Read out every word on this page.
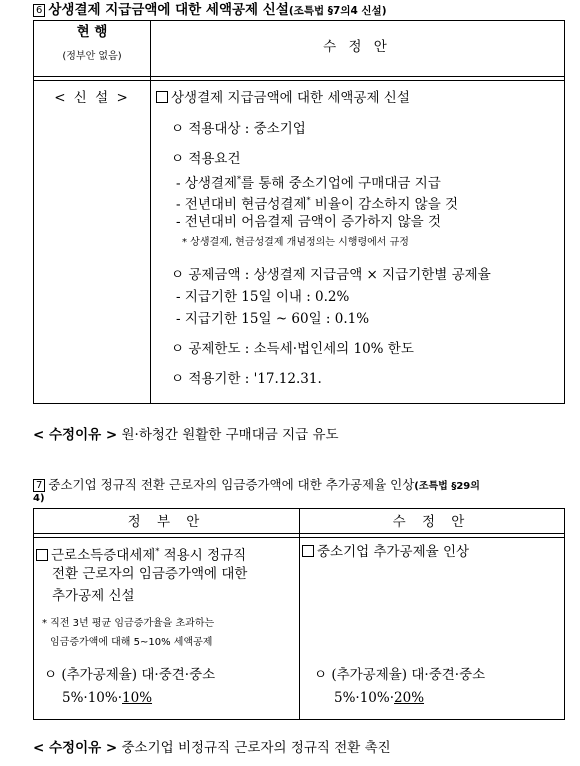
6 상생결제 지급금액에 대한 세액공제 신설(조특법 §7의4 신설)
현 행
(정부안 없음)
수 정 안
< 신 설 >	상생결제 지급금액에 대한 세액공제 신설
ㅇ 적용대상 : 중소기업
ㅇ 적용요건
- 상생결제*를 통해 중소기업에 구매대금 지급
- 전년대비 현금성결제* 비율이 감소하지 않을 것
- 전년대비 어음결제 금액이 증가하지 않을 것
* 상생결제, 현금성결제 개념정의는 시행령에서 규정
ㅇ 공제금액 : 상생결제 지급금액 × 지급기한별 공제율
- 지급기한 15일 이내 : 0.2%
- 지급기한 15일 ~ 60일 : 0.1%
ㅇ 공제한도 : 소득세·법인세의 10% 한도
ㅇ 적용기한 : '17.12.31.
< 수정이유 > 원·하청간 원활한 구매대금 지급 유도
7 중소기업 정규직 전환 근로자의 임금증가액에 대한 추가공제율 인상(조특법 §29의
4)
정 부 안	수 정 안
근로소득증대세제* 적용시 정규직
전환 근로자의 임금증가액에 대한
추가공제 신설
* 직전 3년 평균 임금증가율을 초과하는
임금증가액에 대해 5~10% 세액공제
ㅇ (추가공제율) 대·중견·중소
5%·10%·10%
중소기업 추가공제율 인상
ㅇ (추가공제율) 대·중견·중소
5%·10%·20%
< 수정이유 > 중소기업 비정규직 근로자의 정규직 전환 촉진
